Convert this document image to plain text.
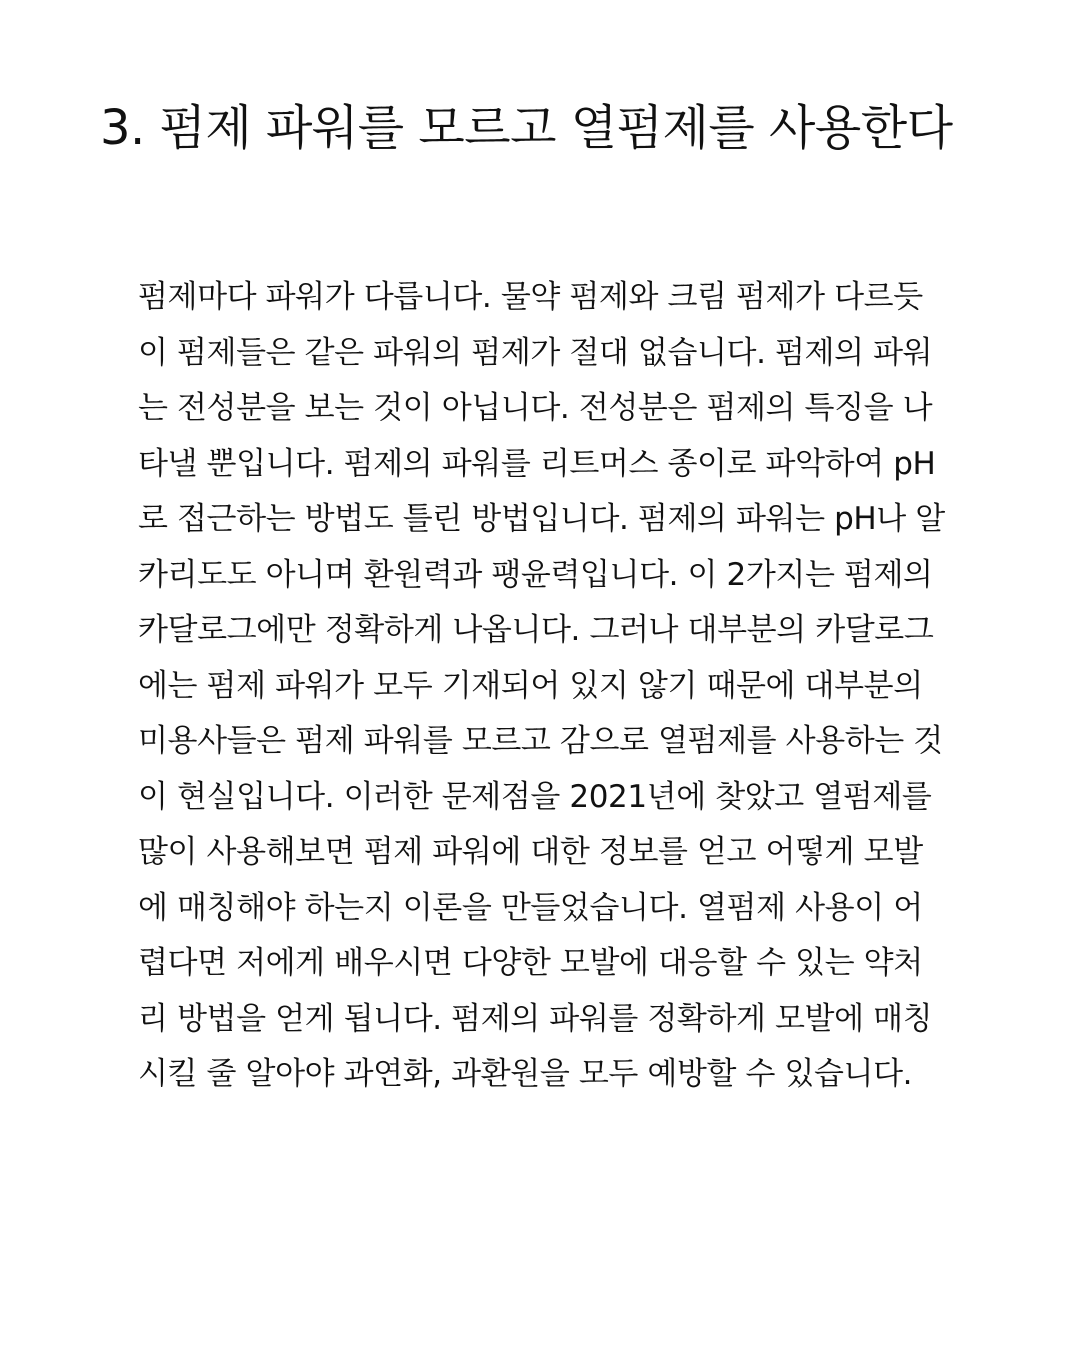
3. 펌제 파워를 모르고 열펌제를 사용한다
펌제마다 파워가 다릅니다. 물약 펌제와 크림 펌제가 다르듯
이 펌제들은 같은 파워의 펌제가 절대 없습니다. 펌제의 파워
는 전성분을 보는 것이 아닙니다. 전성분은 펌제의 특징을 나
타낼 뿐입니다. 펌제의 파워를 리트머스 종이로 파악하여 pH
로 접근하는 방법도 틀린 방법입니다. 펌제의 파워는 pH나 알
카리도도 아니며 환원력과 팽윤력입니다. 이 2가지는 펌제의
카달로그에만 정확하게 나옵니다. 그러나 대부분의 카달로그
에는 펌제 파워가 모두 기재되어 있지 않기 때문에 대부분의
미용사들은 펌제 파워를 모르고 감으로 열펌제를 사용하는 것
이 현실입니다. 이러한 문제점을 2021년에 찾았고 열펌제를
많이 사용해보면 펌제 파워에 대한 정보를 얻고 어떻게 모발
에 매칭해야 하는지 이론을 만들었습니다. 열펌제 사용이 어
렵다면 저에게 배우시면 다양한 모발에 대응할 수 있는 약처
리 방법을 얻게 됩니다. 펌제의 파워를 정확하게 모발에 매칭
시킬 줄 알아야 과연화, 과환원을 모두 예방할 수 있습니다.
